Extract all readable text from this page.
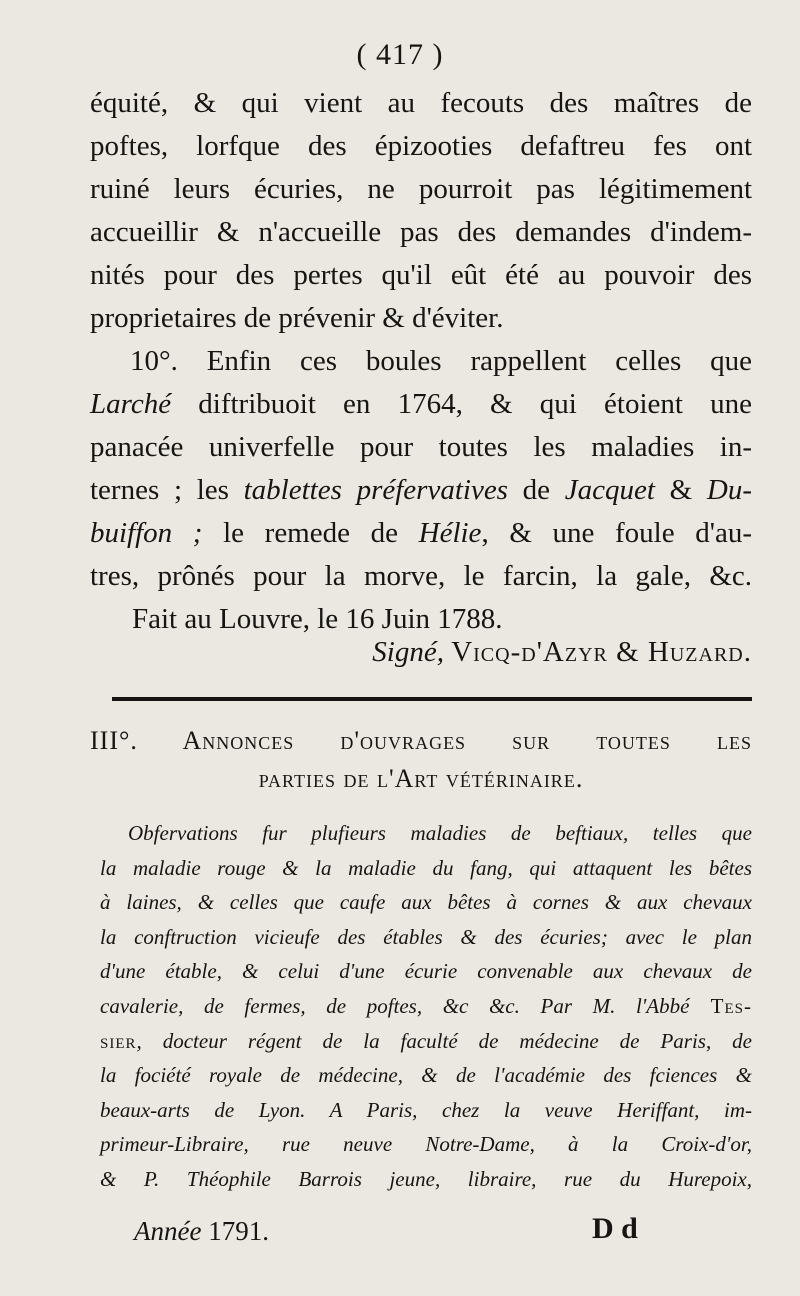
( 417 )
équité, & qui vient au fecouts des maîtres de
poftes, lorfque des épizooties defaftreu fes ont
ruiné leurs écuries, ne pourroit pas légitimement
accueillir & n'accueille pas des demandes d'indem-
nités pour des pertes qu'il eût été au pouvoir des
proprietaires de prévenir & d'éviter.
10°. Enfin ces boules rappellent celles que
Larché diftribuoit en 1764, & qui étoient une
panacée univerfelle pour toutes les maladies in-
ternes ; les tablettes préfervatives de Jacquet & Du-
buiffon ; le remede de Hélie, & une foule d'au-
tres, prônés pour la morve, le farcin, la gale, &c.
Fait au Louvre, le 16 Juin 1788.
Signé, Vicq-d'Azyr & Huzard.
III°. Annonces d'ouvrages sur toutes les
parties de l'Art vétérinaire.
Obfervations fur plufieurs maladies de beftiaux, telles que
la maladie rouge & la maladie du fang, qui attaquent les bêtes
à laines, & celles que caufe aux bêtes à cornes & aux chevaux
la conftruction vicieufe des étables & des écuries; avec le plan
d'une étable, & celui d'une écurie convenable aux chevaux de
cavalerie, de fermes, de poftes, &c &c. Par M. l'Abbé Tes-
sier, docteur régent de la faculté de médecine de Paris, de
la fociété royale de médecine, & de l'académie des fciences &
beaux-arts de Lyon. A Paris, chez la veuve Heriffant, im-
primeur-Libraire, rue neuve Notre-Dame, à la Croix-d'or,
& P. Théophile Barrois jeune, libraire, rue du Hurepoix,
Année 1791.	D d
